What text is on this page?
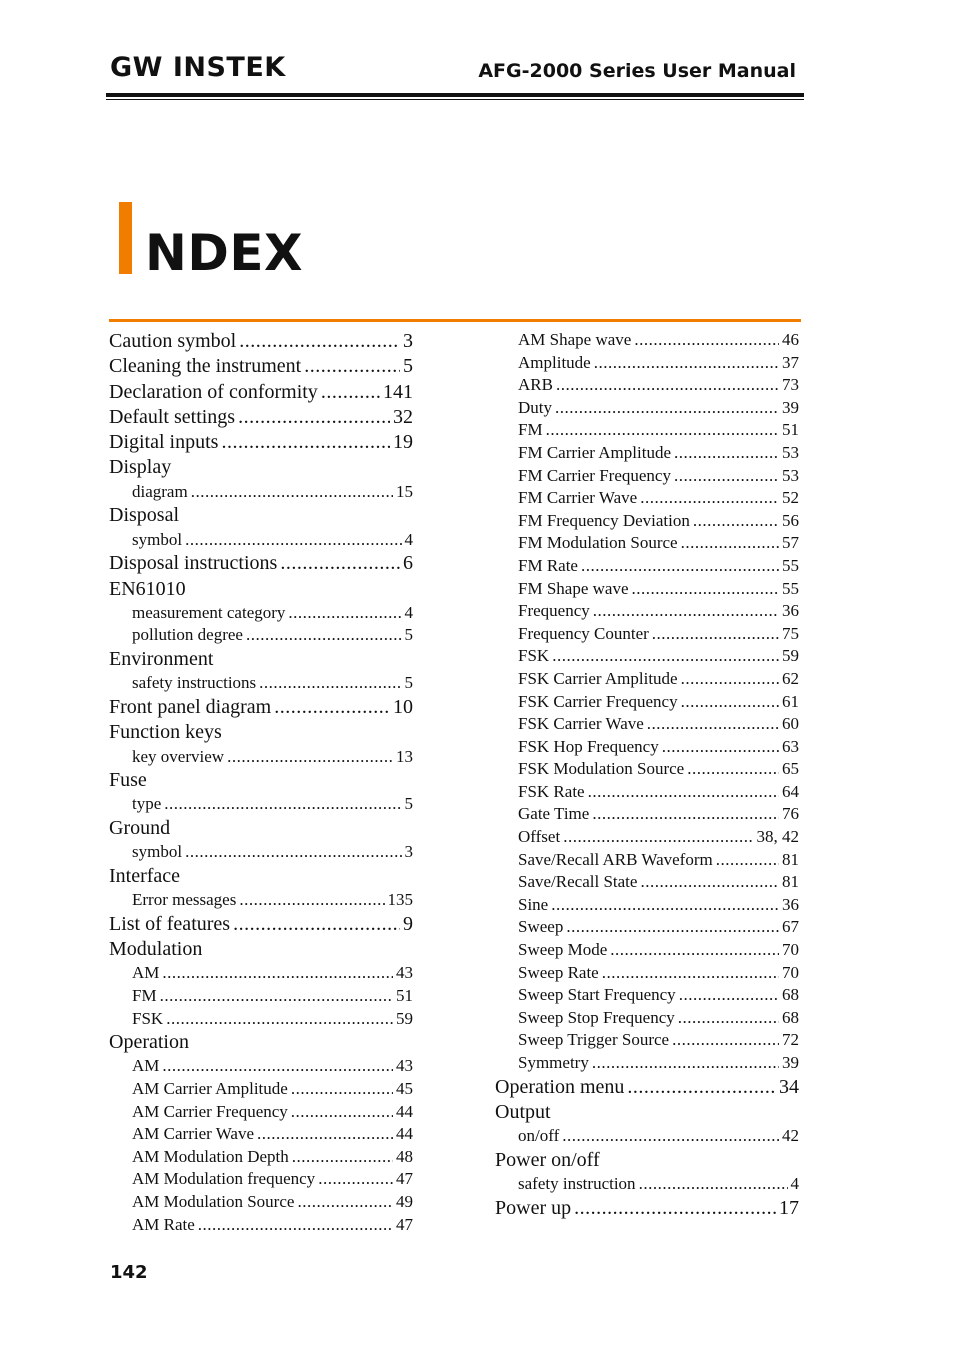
GW INSTEK	AFG-2000 Series User Manual
NDEX
Caution symbol .....	3
Cleaning the instrument .....	5
Declaration of conformity .....	141
Default settings .....	32
Digital inputs .....	19
Display
diagram .....	15
Disposal
symbol .....	4
Disposal instructions .....	6
EN61010
measurement category .....	4
pollution degree .....	5
Environment
safety instructions .....	5
Front panel diagram .....	10
Function keys
key overview .....	13
Fuse
type .....	5
Ground
symbol .....	3
Interface
Error messages .....	135
List of features .....	9
Modulation
AM .....	43
FM .....	51
FSK .....	59
Operation
AM .....	43
AM Carrier Amplitude .....	45
AM Carrier Frequency .....	44
AM Carrier Wave .....	44
AM Modulation Depth .....	48
AM Modulation frequency .....	47
AM Modulation Source .....	49
AM Rate .....	47
AM Shape wave .....	46
Amplitude .....	37
ARB .....	73
Duty .....	39
FM .....	51
FM Carrier Amplitude .....	53
FM Carrier Frequency .....	53
FM Carrier Wave .....	52
FM Frequency Deviation .....	56
FM Modulation Source .....	57
FM Rate .....	55
FM Shape wave .....	55
Frequency .....	36
Frequency Counter .....	75
FSK .....	59
FSK Carrier Amplitude .....	62
FSK Carrier Frequency .....	61
FSK Carrier Wave .....	60
FSK Hop Frequency .....	63
FSK Modulation Source .....	65
FSK Rate .....	64
Gate Time .....	76
Offset .....	38, 42
Save/Recall ARB Waveform .....	81
Save/Recall State .....	81
Sine .....	36
Sweep .....	67
Sweep Mode .....	70
Sweep Rate .....	70
Sweep Start Frequency .....	68
Sweep Stop Frequency .....	68
Sweep Trigger Source .....	72
Symmetry .....	39
Operation menu .....	34
Output
on/off .....	42
Power on/off
safety instruction .....	4
Power up .....	17
142
